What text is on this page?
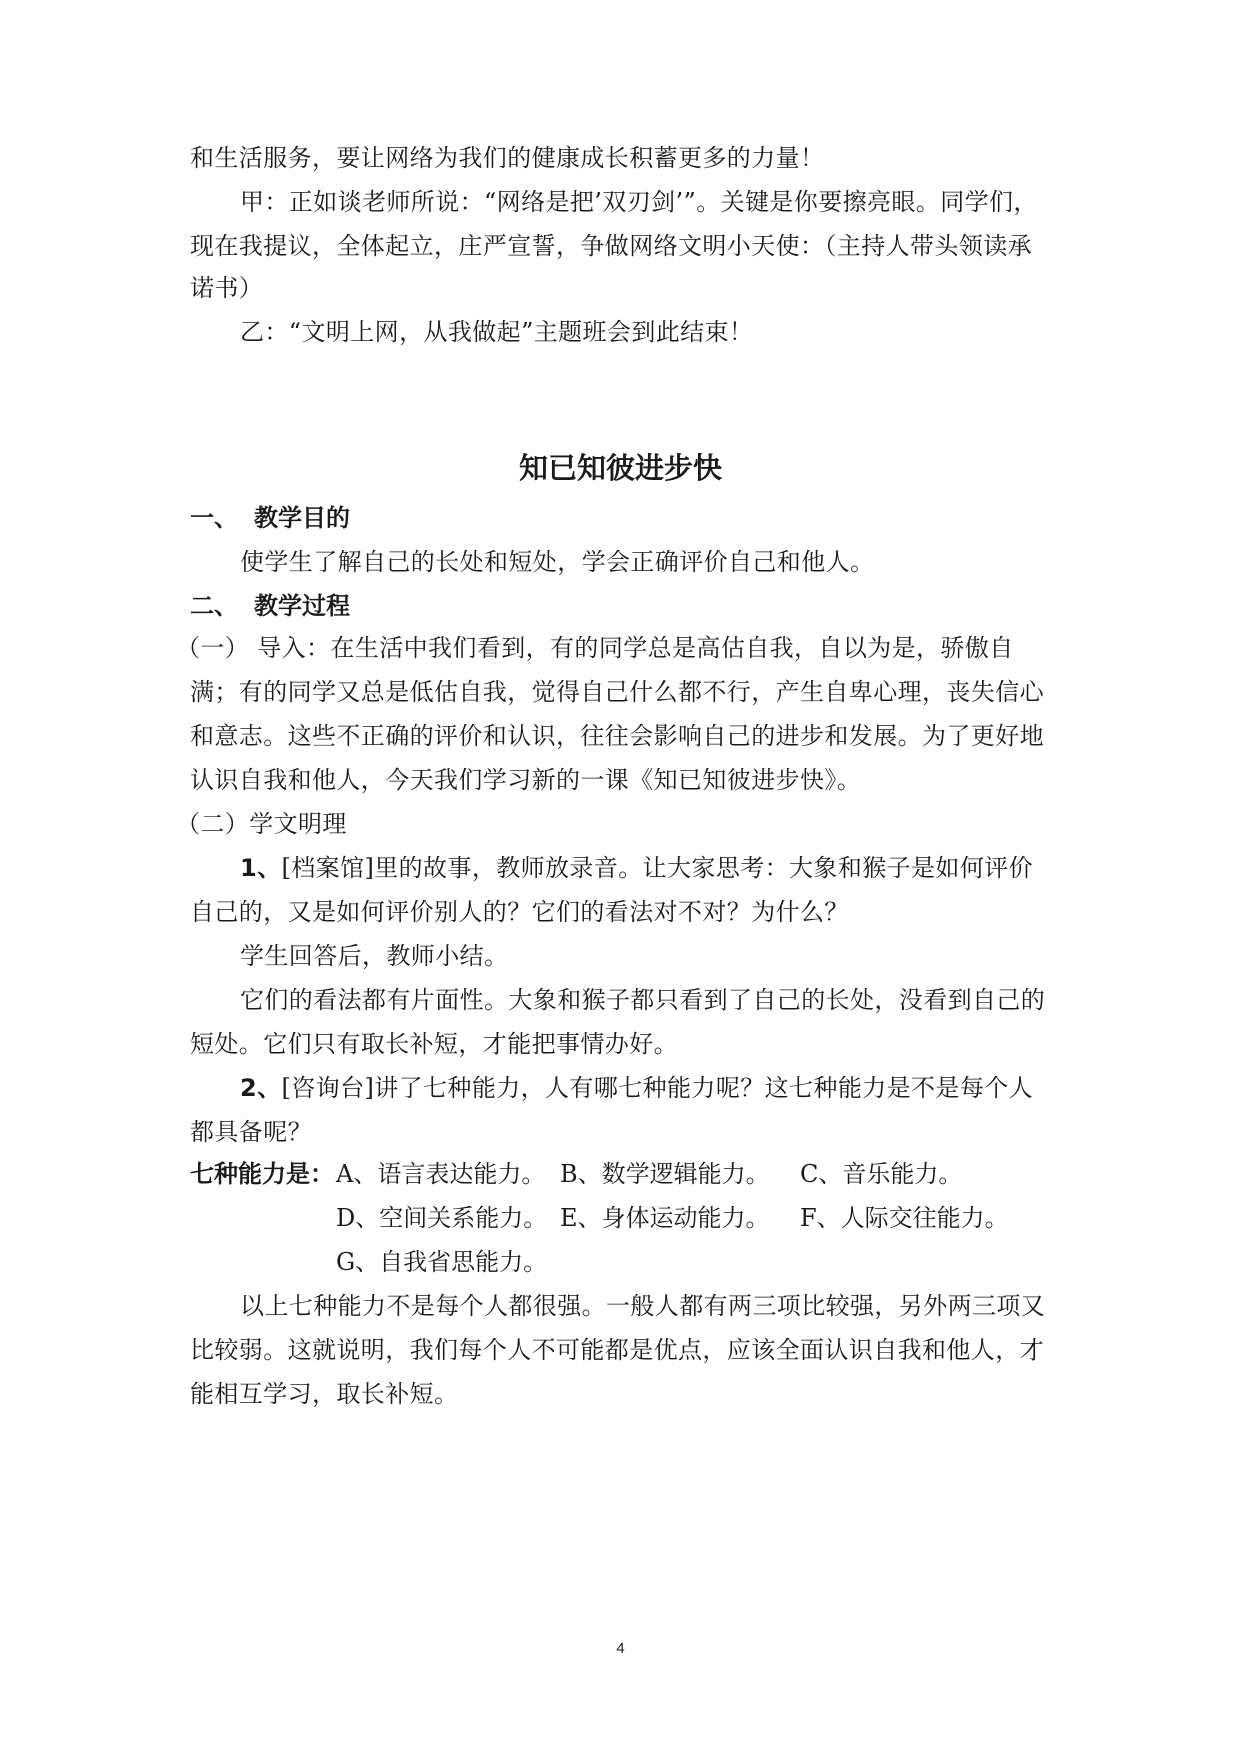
和生活服务，要让网络为我们的健康成长积蓄更多的力量！
甲：正如谈老师所说：“网络是把’双刃剑’”。关键是你要擦亮眼。同学们，
现在我提议，全体起立，庄严宣誓，争做网络文明小天使：（主持人带头领读承
诺书）
乙：“文明上网，从我做起”主题班会到此结束！
知已知彼进步快
一、 教学目的
使学生了解自己的长处和短处，学会正确评价自己和他人。
二、 教学过程
（一） 导入：在生活中我们看到，有的同学总是高估自我，自以为是，骄傲自
满；有的同学又总是低估自我，觉得自己什么都不行，产生自卑心理，丧失信心
和意志。这些不正确的评价和认识，往往会影响自己的进步和发展。为了更好地
认识自我和他人，今天我们学习新的一课《知已知彼进步快》。
（二）学文明理
1、[档案馆]里的故事，教师放录音。让大家思考：大象和猴子是如何评价
自己的，又是如何评价别人的？它们的看法对不对？为什么？
学生回答后，教师小结。
它们的看法都有片面性。大象和猴子都只看到了自己的长处，没看到自己的
短处。它们只有取长补短，才能把事情办好。
2、[咨询台]讲了七种能力，人有哪七种能力呢？这七种能力是不是每个人
都具备呢？
七种能力是： A、语言表达能力。 B、数学逻辑能力。 C、音乐能力。
D、空间关系能力。 E、身体运动能力。 F、人际交往能力。
G、自我省思能力。
以上七种能力不是每个人都很强。一般人都有两三项比较强，另外两三项又
比较弱。这就说明，我们每个人不可能都是优点，应该全面认识自我和他人，才
能相互学习，取长补短。
4
